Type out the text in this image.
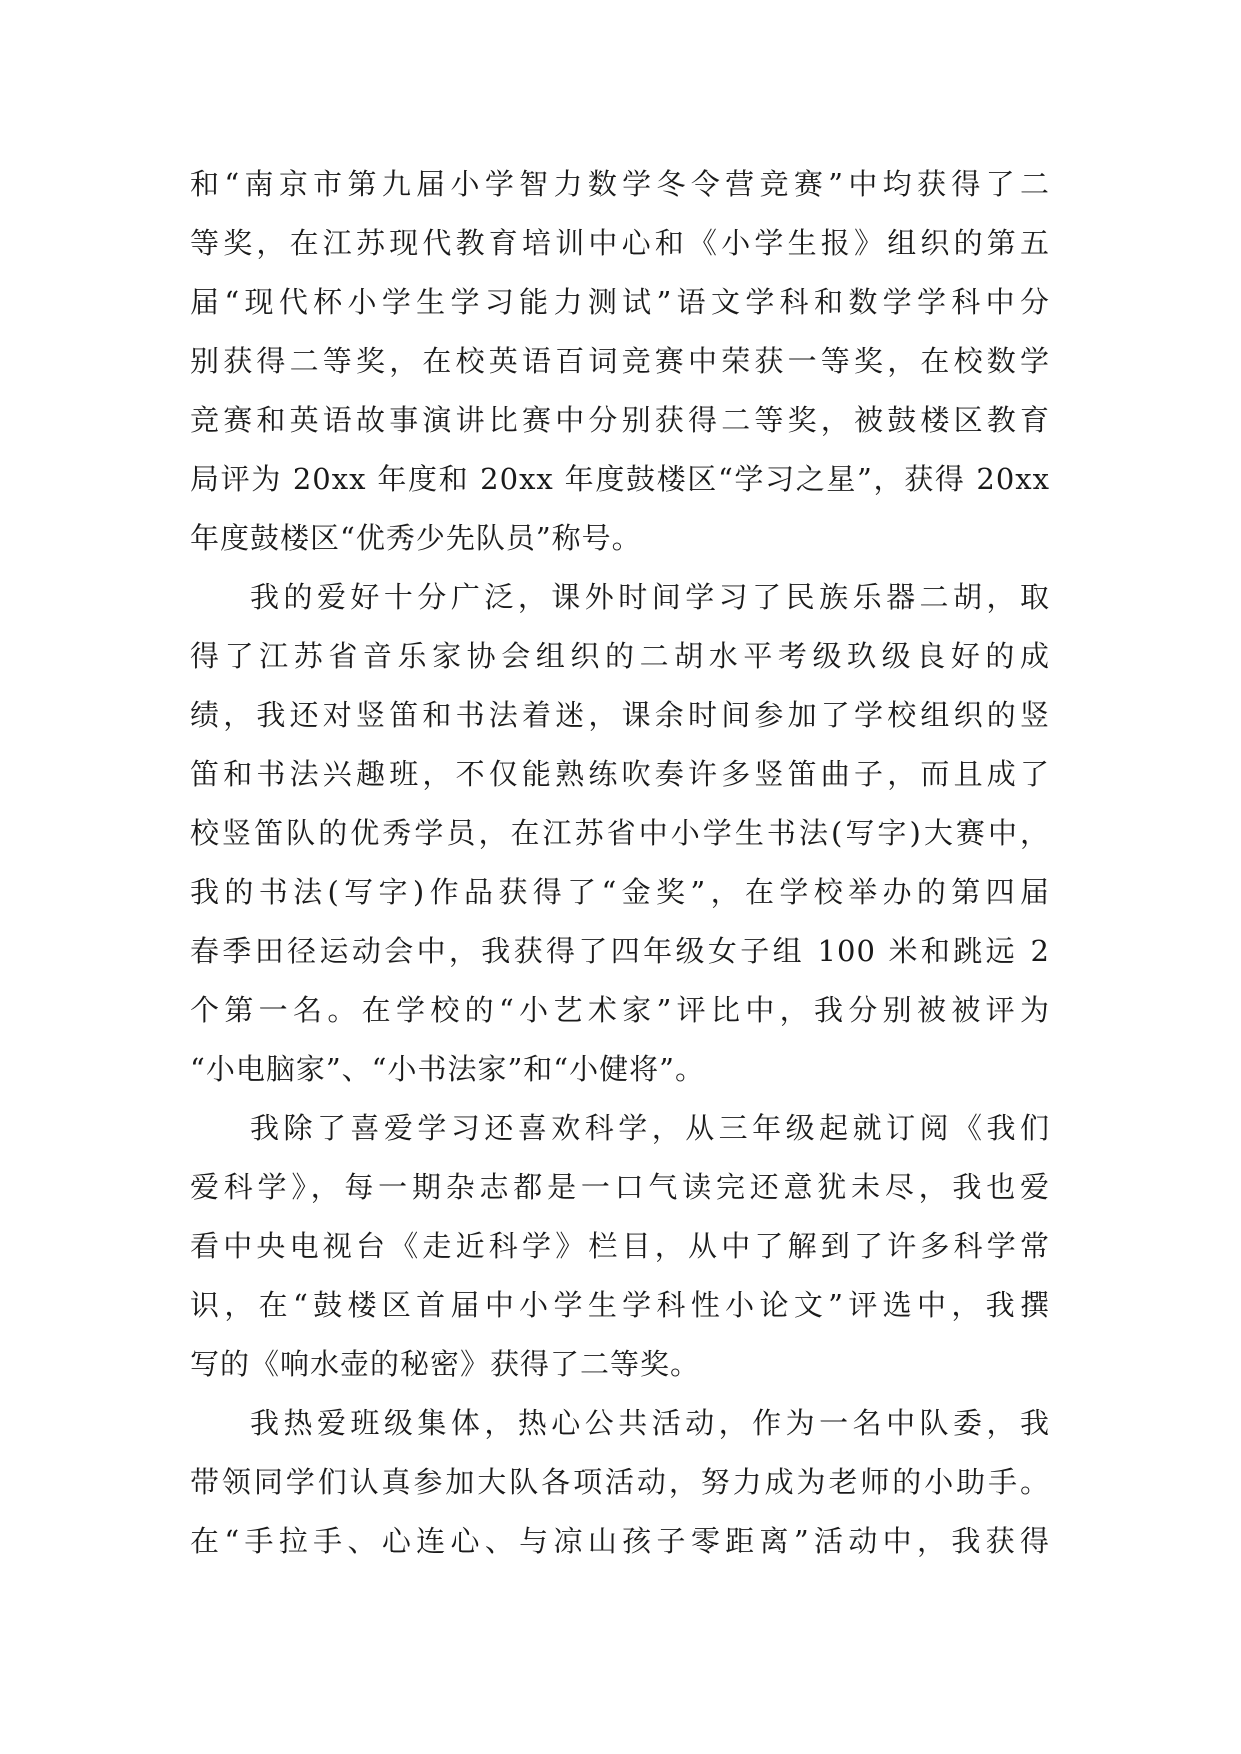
和“南京市第九届小学智力数学冬令营竞赛”中均获得了二
等奖，在江苏现代教育培训中心和《小学生报》组织的第五
届“现代杯小学生学习能力测试”语文学科和数学学科中分
别获得二等奖，在校英语百词竞赛中荣获一等奖，在校数学
竞赛和英语故事演讲比赛中分别获得二等奖，被鼓楼区教育
局评为 20xx 年度和 20xx 年度鼓楼区“学习之星”，获得 20xx
年度鼓楼区“优秀少先队员”称号。

我的爱好十分广泛，课外时间学习了民族乐器二胡，取
得了江苏省音乐家协会组织的二胡水平考级玖级良好的成
绩，我还对竖笛和书法着迷，课余时间参加了学校组织的竖
笛和书法兴趣班，不仅能熟练吹奏许多竖笛曲子，而且成了
校竖笛队的优秀学员，在江苏省中小学生书法(写字)大赛中，
我的书法(写字)作品获得了“金奖”，在学校举办的第四届
春季田径运动会中，我获得了四年级女子组 100 米和跳远 2
个第一名。在学校的“小艺术家”评比中，我分别被被评为
“小电脑家”、“小书法家”和“小健将”。

我除了喜爱学习还喜欢科学，从三年级起就订阅《我们
爱科学》，每一期杂志都是一口气读完还意犹未尽，我也爱
看中央电视台《走近科学》栏目，从中了解到了许多科学常
识，在“鼓楼区首届中小学生学科性小论文”评选中，我撰
写的《响水壶的秘密》获得了二等奖。

我热爱班级集体，热心公共活动，作为一名中队委，我
带领同学们认真参加大队各项活动，努力成为老师的小助手。
在“手拉手、心连心、与凉山孩子零距离”活动中，我获得
